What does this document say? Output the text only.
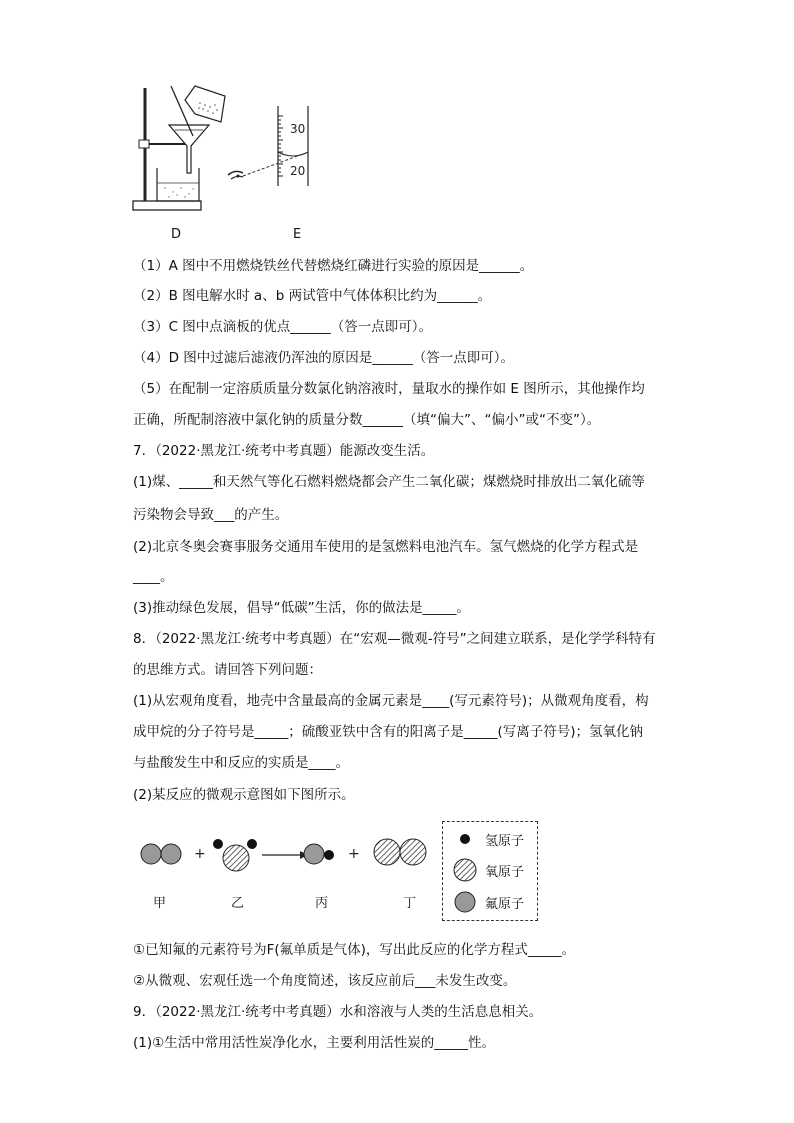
30
20
D	E
（1）A 图中不用燃烧铁丝代替燃烧红磷进行实验的原因是______。
（2）B 图电解水时 a、b 两试管中气体体积比约为______。
（3）C 图中点滴板的优点______（答一点即可）。
（4）D 图中过滤后滤液仍浑浊的原因是______（答一点即可）。
（5）在配制一定溶质质量分数氯化钠溶液时，量取水的操作如 E 图所示，其他操作均
正确，所配制溶液中氯化钠的质量分数______（填“偏大”、“偏小”或“不变”）。
7．（2022·黑龙江·统考中考真题）能源改变生活。
(1)煤、_____和天然气等化石燃料燃烧都会产生二氧化碳；煤燃烧时排放出二氧化硫等
污染物会导致___的产生。
(2)北京冬奥会赛事服务交通用车使用的是氢燃料电池汽车。氢气燃烧的化学方程式是
____。
(3)推动绿色发展，倡导“低碳”生活，你的做法是_____。
8．（2022·黑龙江·统考中考真题）在“宏观—微观-符号”之间建立联系，是化学学科特有
的思维方式。请回答下列问题：
(1)从宏观角度看，地壳中含量最高的金属元素是____(写元素符号)；从微观角度看，构
成甲烷的分子符号是_____；硫酸亚铁中含有的阳离子是_____(写离子符号)；氢氧化钠
与盐酸发生中和反应的实质是____。
(2)某反应的微观示意图如下图所示。
+	+
甲	乙	丙	丁
氢原子
氧原子
氟原子
①已知氟的元素符号为F(氟单质是气体)，写出此反应的化学方程式_____。
②从微观、宏观任选一个角度简述，该反应前后___未发生改变。
9．（2022·黑龙江·统考中考真题）水和溶液与人类的生活息息相关。
(1)①生活中常用活性炭净化水，主要利用活性炭的_____性。
